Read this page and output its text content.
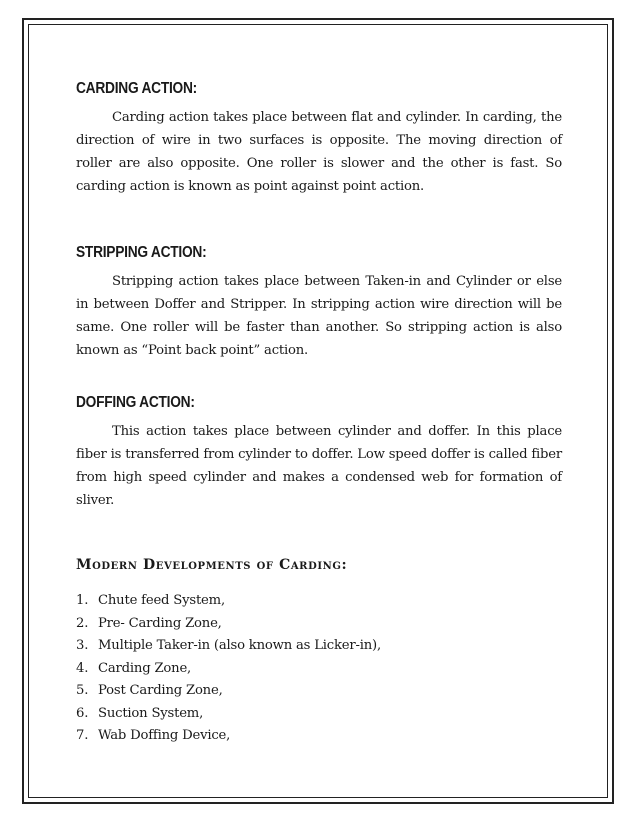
CARDING ACTION:

Carding action takes place between flat and cylinder. In carding, the direction of wire in two surfaces is opposite. The moving direction of roller are also opposite. One roller is slower and the other is fast. So carding action is known as point against point action.

STRIPPING ACTION:

Stripping action takes place between Taken-in and Cylinder or else in between Doffer and Stripper. In stripping action wire direction will be same. One roller will be faster than another. So stripping action is also known as “Point back point” action.

DOFFING ACTION:

This action takes place between cylinder and doffer. In this place fiber is transferred from cylinder to doffer. Low speed doffer is called fiber from high speed cylinder and makes a condensed web for formation of sliver.

Modern Developments of Carding:
1. Chute feed System,
2. Pre- Carding Zone,
3. Multiple Taker-in (also known as Licker-in),
4. Carding Zone,
5. Post Carding Zone,
6. Suction System,
7. Wab Doffing Device,
